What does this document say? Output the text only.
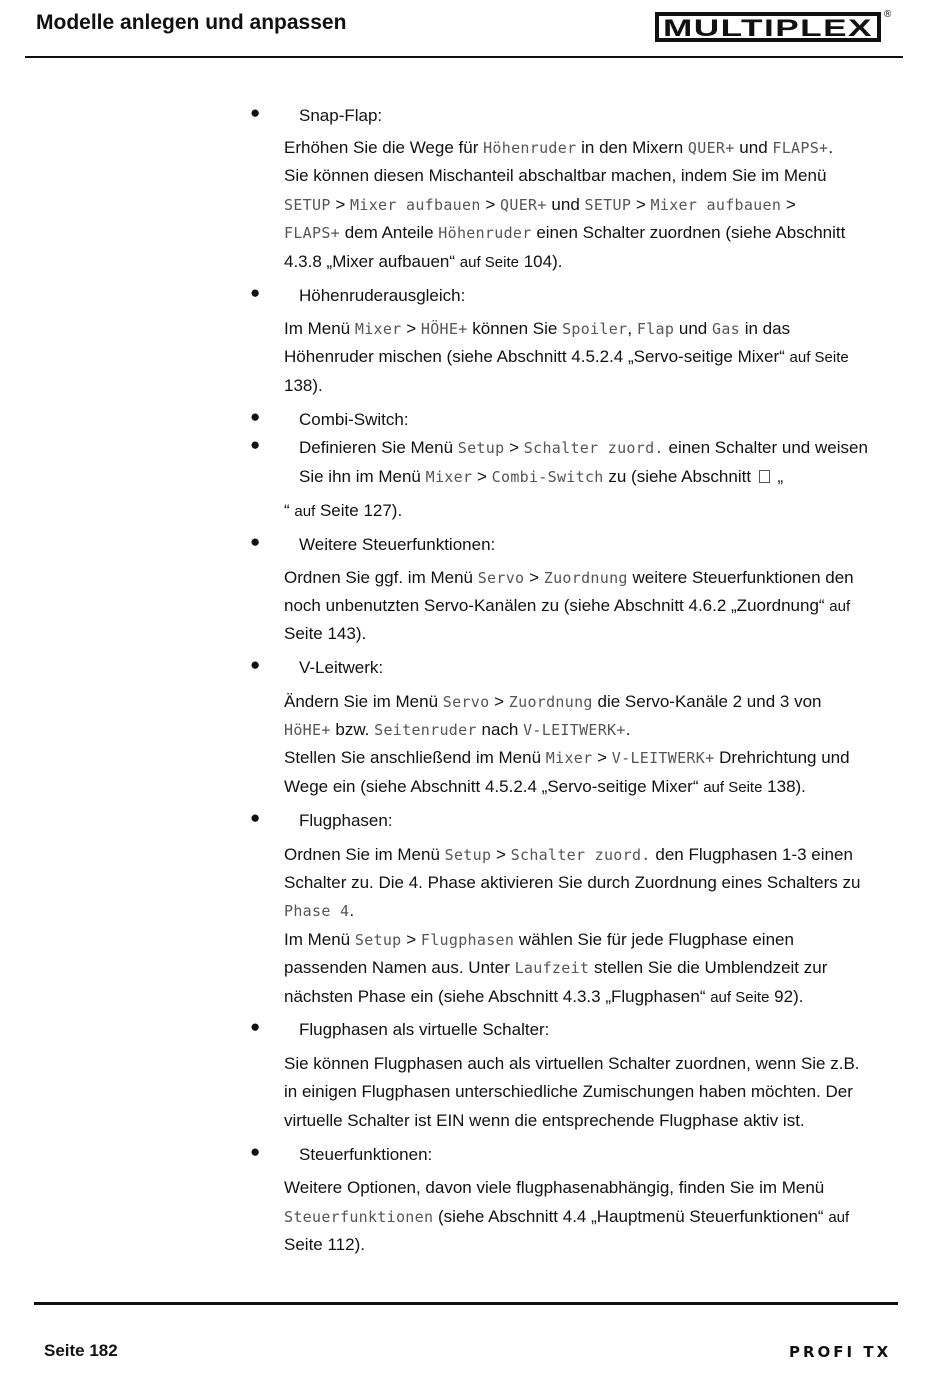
Modelle anlegen und anpassen	MULTIPLEX
®
● Snap-Flap:
Erhöhen Sie die Wege für Höhenruder in den Mixern QUER+ und FLAPS+.
Sie können diesen Mischanteil abschaltbar machen, indem Sie im Menü
SETUP > Mixer aufbauen > QUER+ und SETUP > Mixer aufbauen >
FLAPS+ dem Anteile Höhenruder einen Schalter zuordnen (siehe Abschnitt
4.3.8 „Mixer aufbauen“ auf Seite 104).
● Höhenruderausgleich:
Im Menü Mixer > HÖHE+ können Sie Spoiler, Flap und Gas in das
Höhenruder mischen (siehe Abschnitt 4.5.2.4 „Servo-seitige Mixer“ auf Seite
138).
● Combi-Switch:
● Definieren Sie Menü Setup > Schalter zuord. einen Schalter und weisen
Sie ihn im Menü Mixer > Combi-Switch zu (siehe Abschnitt  „
“ auf Seite 127).
● Weitere Steuerfunktionen:
Ordnen Sie ggf. im Menü Servo > Zuordnung weitere Steuerfunktionen den
noch unbenutzten Servo-Kanälen zu (siehe Abschnitt 4.6.2 „Zuordnung“ auf
Seite 143).
● V-Leitwerk:
Ändern Sie im Menü Servo > Zuordnung die Servo-Kanäle 2 und 3 von
HöHE+ bzw. Seitenruder nach V-LEITWERK+.
Stellen Sie anschließend im Menü Mixer > V-LEITWERK+ Drehrichtung und
Wege ein (siehe Abschnitt 4.5.2.4 „Servo-seitige Mixer“ auf Seite 138).
● Flugphasen:
Ordnen Sie im Menü Setup > Schalter zuord. den Flugphasen 1-3 einen
Schalter zu. Die 4. Phase aktivieren Sie durch Zuordnung eines Schalters zu
Phase 4.
Im Menü Setup > Flugphasen wählen Sie für jede Flugphase einen
passenden Namen aus. Unter Laufzeit stellen Sie die Umblendzeit zur
nächsten Phase ein (siehe Abschnitt 4.3.3 „Flugphasen“ auf Seite 92).
● Flugphasen als virtuelle Schalter:
Sie können Flugphasen auch als virtuellen Schalter zuordnen, wenn Sie z.B.
in einigen Flugphasen unterschiedliche Zumischungen haben möchten. Der
virtuelle Schalter ist EIN wenn die entsprechende Flugphase aktiv ist.
● Steuerfunktionen:
Weitere Optionen, davon viele flugphasenabhängig, finden Sie im Menü
Steuerfunktionen (siehe Abschnitt 4.4 „Hauptmenü Steuerfunktionen“ auf
Seite 112).
Seite 182	PROFI TX
